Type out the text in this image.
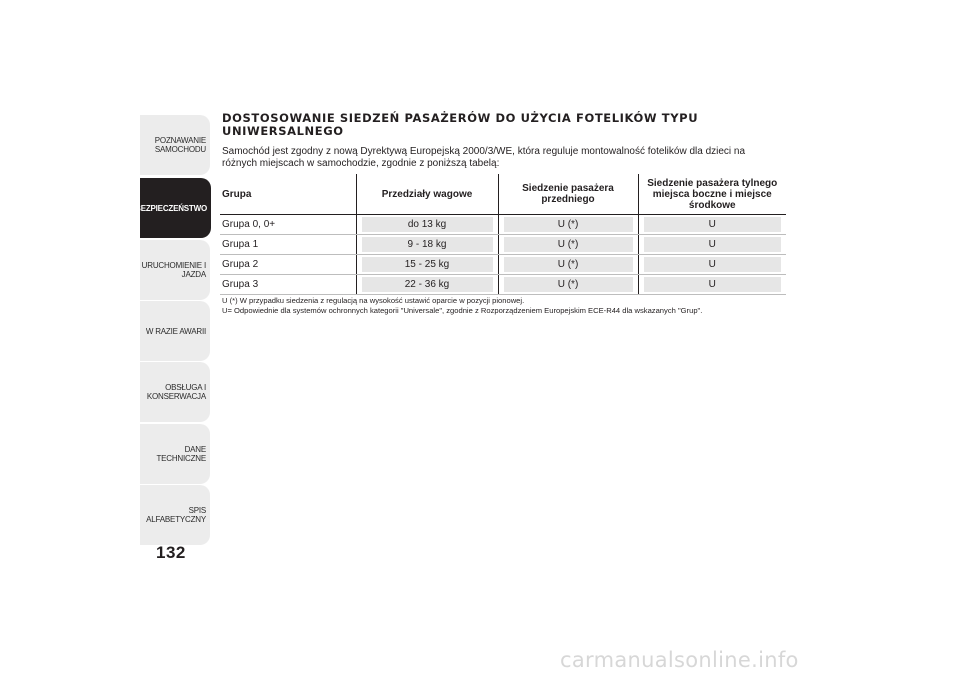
POZNAWANIE
SAMOCHODU
BEZPIECZEŃSTWO
URUCHOMIENIE I
JAZDA
W RAZIE AWARII
OBSŁUGA I
KONSERWACJA
DANE TECHNICZNE
SPIS ALFABETYCZNY
132
DOSTOSOWANIE SIEDZEŃ PASAŻERÓW DO UŻYCIA FOTELIKÓW TYPU UNIWERSALNEGO

Samochód jest zgodny z nową Dyrektywą Europejską 2000/3/WE, która reguluje montowalność fotelików dla dzieci na różnych miejscach w samochodzie, zgodnie z poniższą tabelą:

Grupa	Przedziały wagowe	Siedzenie pasażera przedniego	Siedzenie pasażera tylnego miejsca boczne i miejsce środkowe
Grupa 0, 0+	do 13 kg	U (*)	U

Grupa 1	9 - 18 kg	U (*)	U

Grupa 2	15 - 25 kg	U (*)	U

Grupa 3	22 - 36 kg	U (*)	U

U (*) W przypadku siedzenia z regulacją na wysokość ustawić oparcie w pozycji pionowej.

U= Odpowiednie dla systemów ochronnych kategorii "Universale", zgodnie z Rozporządzeniem Europejskim ECE-R44 dla wskazanych "Grup".

carmanualsonline.info
